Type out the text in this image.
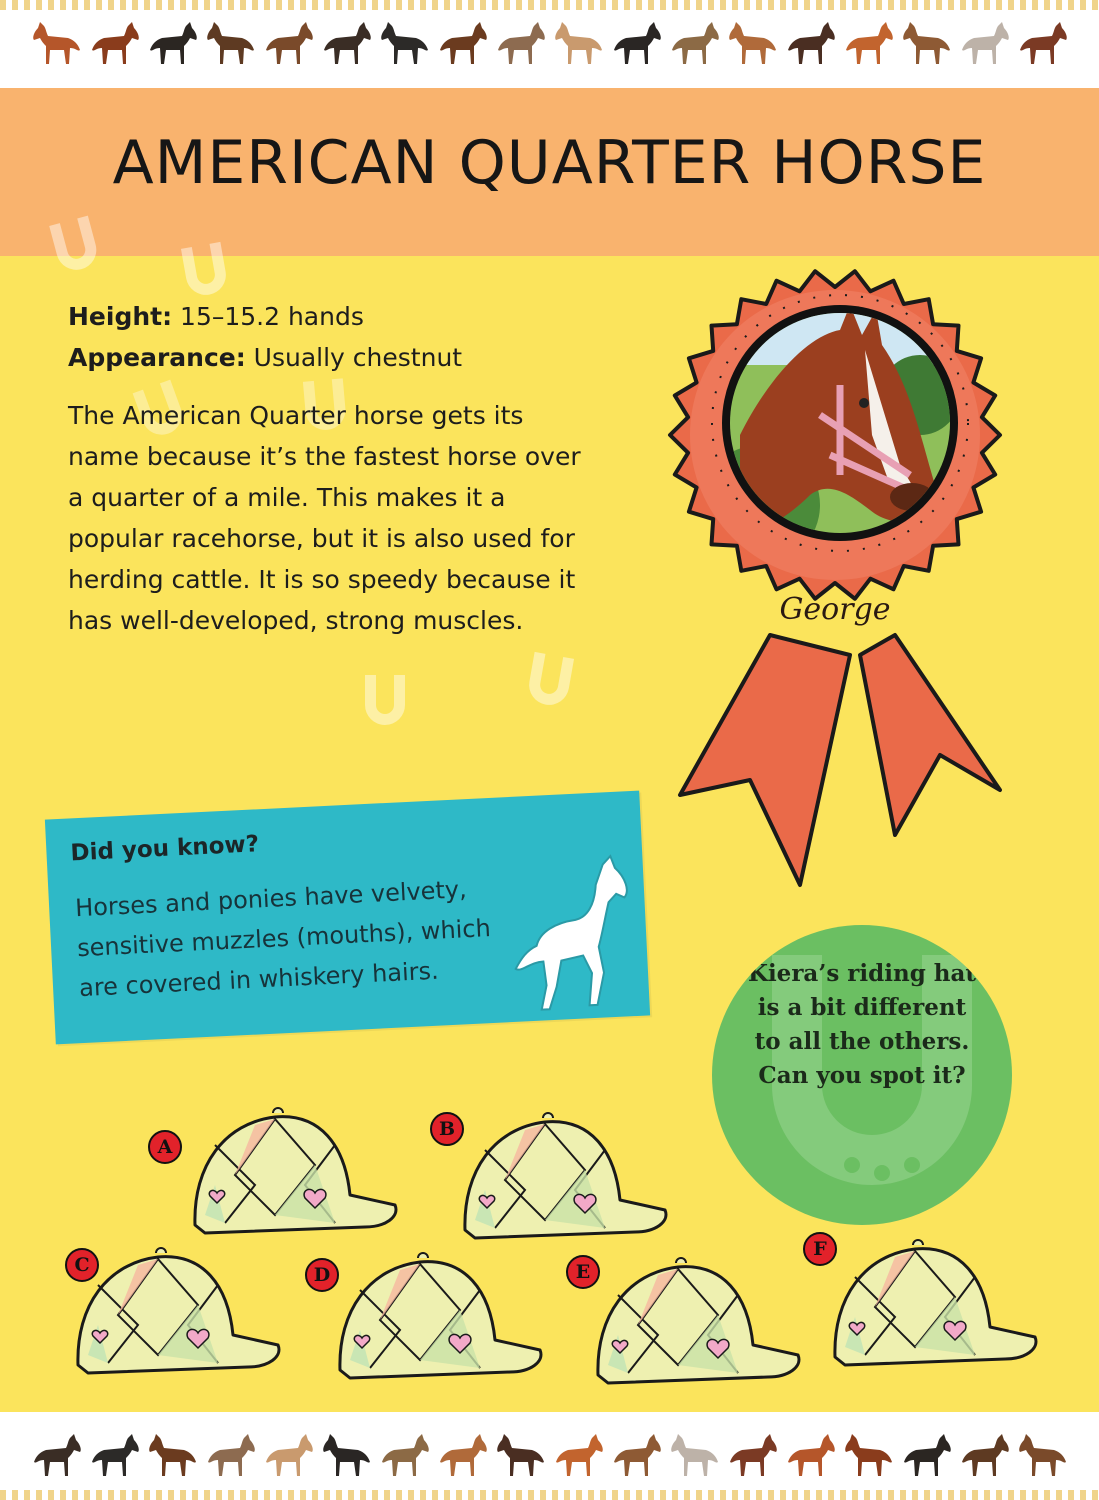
AMERICAN QUARTER HORSE
Height: 15–15.2 hands
Appearance: Usually chestnut
The American Quarter horse gets its name because it’s the fastest horse over a quarter of a mile. This makes it a popular racehorse, but it is also used for herding cattle. It is so speedy because it has well-developed, strong muscles.	George
Did you know?

Horses and ponies have velvety, sensitive muzzles (mouths), which are covered in whiskery hairs.	Kiera’s riding hat is a bit different to all the others. Can you spot it?
A
B
C	D	E
F
